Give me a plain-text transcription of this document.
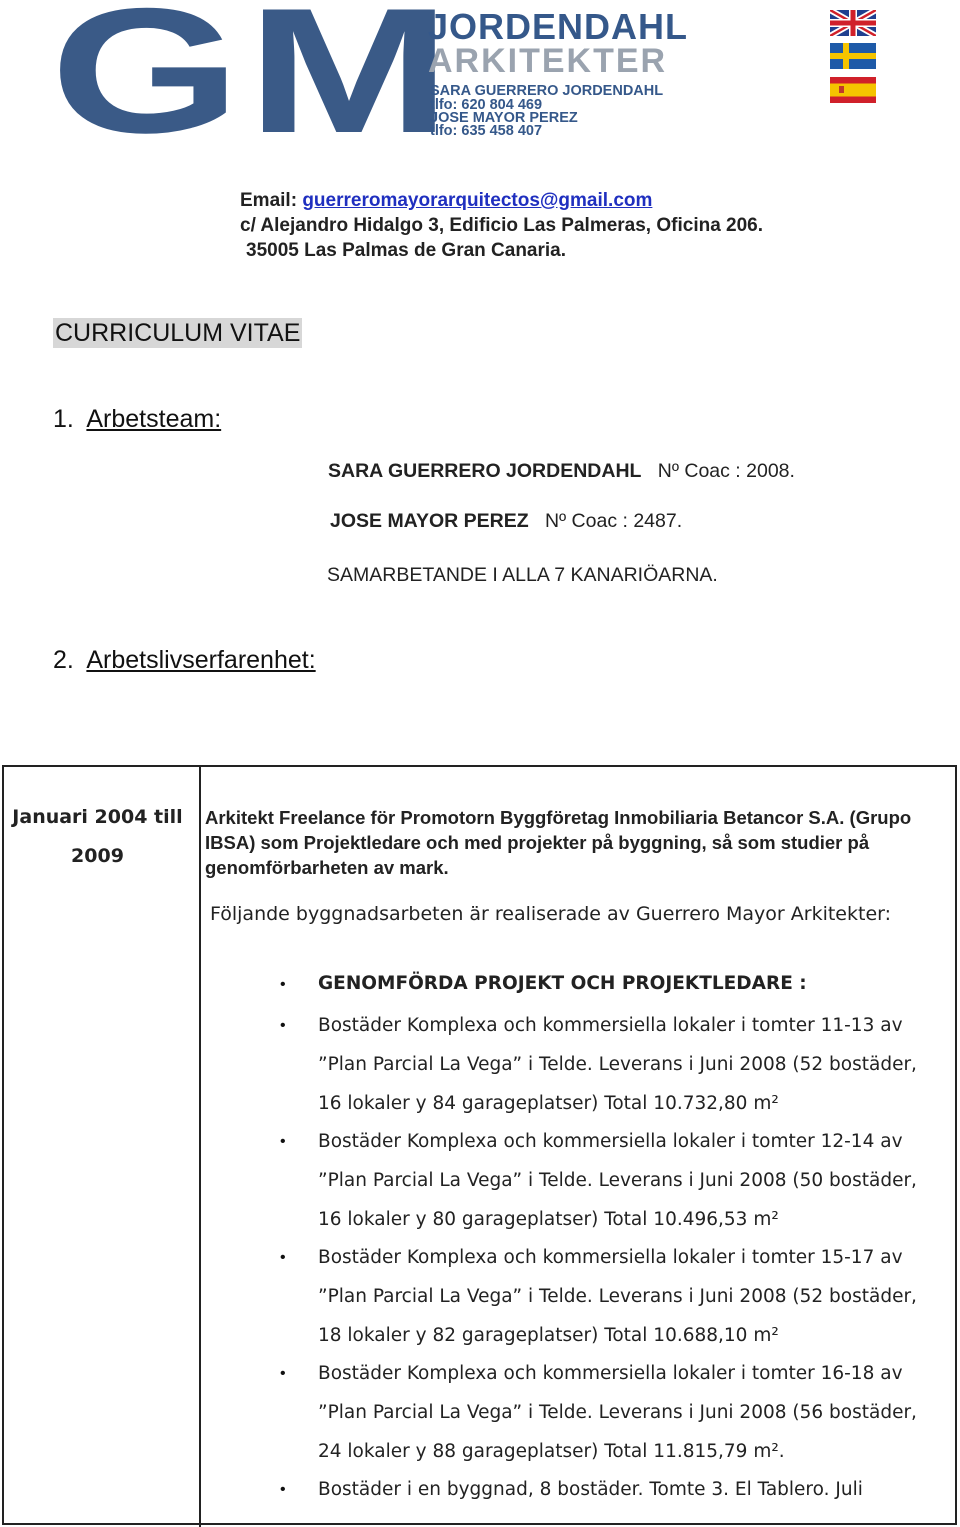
GM
JORDENDAHL
ARKITEKTER
SARA GUERRERO JORDENDAHL
tlfo: 620 804 469
JOSE MAYOR PEREZ
tlfo: 635 458 407
Email: guerreromayorarquitectos@gmail.com
c/ Alejandro Hidalgo 3, Edificio Las Palmeras, Oficina 206.
35005 Las Palmas de Gran Canaria.
CURRICULUM VITAE
1. Arbetsteam:
SARA GUERRERO JORDENDAHL Nº Coac : 2008.
JOSE MAYOR PEREZ Nº Coac : 2487.
SAMARBETANDE I ALLA 7 KANARIÖARNA.
2. Arbetslivserfarenhet:
Januari 2004 till
2009
Arkitekt Freelance för Promotorn Byggföretag Inmobiliaria Betancor S.A. (Grupo IBSA) som Projektledare och med projekter på byggning, så som studier på genomförbarheten av mark.
Följande byggnadsarbeten är realiserade av Guerrero Mayor Arkitekter:
• GENOMFÖRDA PROJEKT OCH PROJEKTLEDARE :
• Bostäder Komplexa och kommersiella lokaler i tomter 11-13 av ”Plan Parcial La Vega” i Telde. Leverans i Juni 2008 (52 bostäder, 16 lokaler y 84 garageplatser) Total 10.732,80 m²
• Bostäder Komplexa och kommersiella lokaler i tomter 12-14 av ”Plan Parcial La Vega” i Telde. Leverans i Juni 2008 (50 bostäder, 16 lokaler y 80 garageplatser) Total 10.496,53 m²
• Bostäder Komplexa och kommersiella lokaler i tomter 15-17 av ”Plan Parcial La Vega” i Telde. Leverans i Juni 2008 (52 bostäder, 18 lokaler y 82 garageplatser) Total 10.688,10 m²
• Bostäder Komplexa och kommersiella lokaler i tomter 16-18 av ”Plan Parcial La Vega” i Telde. Leverans i Juni 2008 (56 bostäder, 24 lokaler y 88 garageplatser) Total 11.815,79 m².
• Bostäder i en byggnad, 8 bostäder. Tomte 3. El Tablero. Juli
